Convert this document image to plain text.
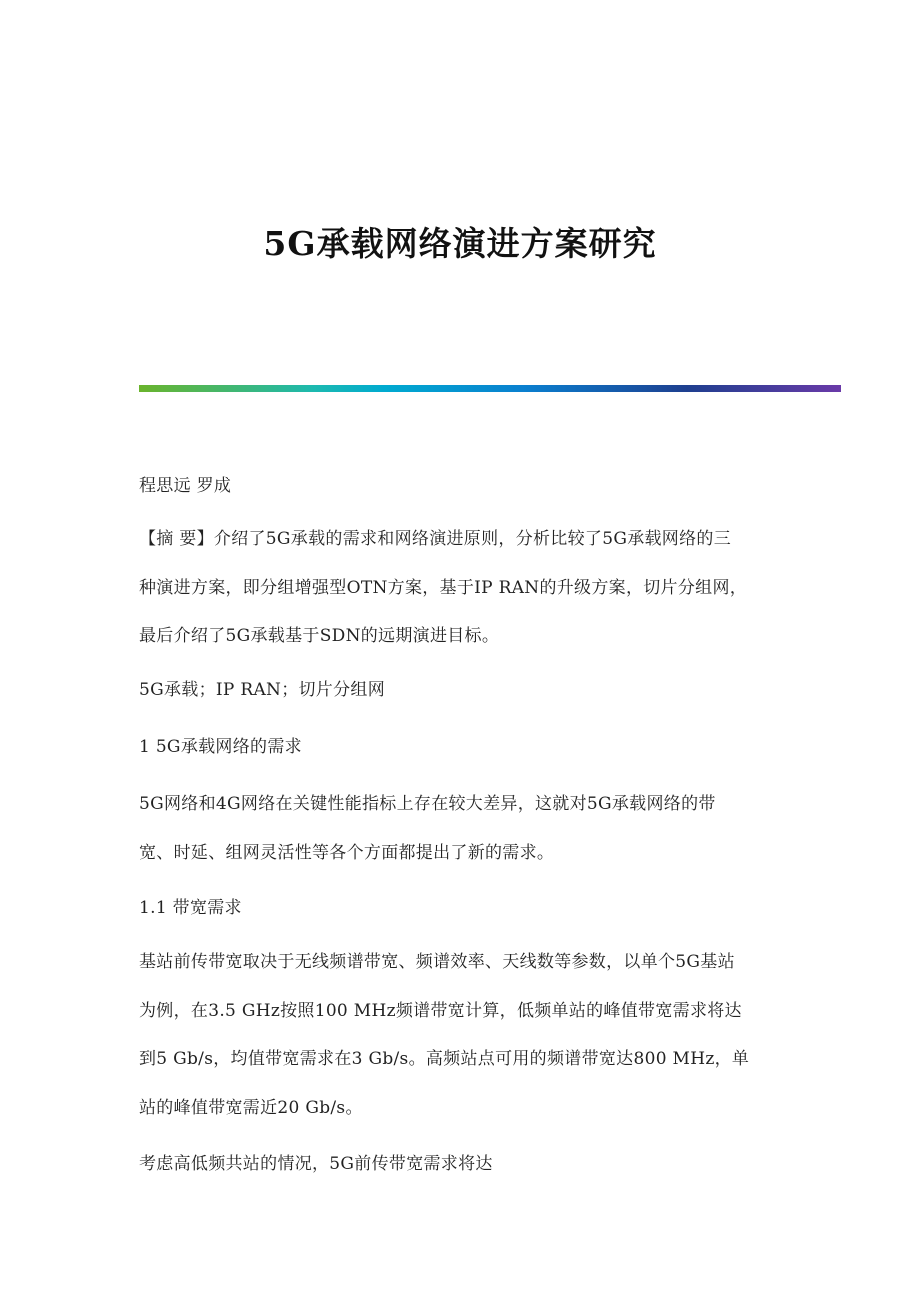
5G承载网络演进方案研究
程思远 罗成
【摘 要】介绍了5G承载的需求和网络演进原则，分析比较了5G承载网络的三
种演进方案，即分组增强型OTN方案，基于IP RAN的升级方案，切片分组网，
最后介绍了5G承载基于SDN的远期演进目标。
5G承载；IP RAN；切片分组网
1 5G承载网络的需求
5G网络和4G网络在关键性能指标上存在较大差异，这就对5G承载网络的带
宽、时延、组网灵活性等各个方面都提出了新的需求。
1.1 带宽需求
基站前传带宽取决于无线频谱带宽、频谱效率、天线数等参数，以单个5G基站
为例，在3.5 GHz按照100 MHz频谱带宽计算，低频单站的峰值带宽需求将达
到5 Gb/s，均值带宽需求在3 Gb/s。高频站点可用的频谱带宽达800 MHz，单
站的峰值带宽需近20 Gb/s。
考虑高低频共站的情况，5G前传带宽需求将达
